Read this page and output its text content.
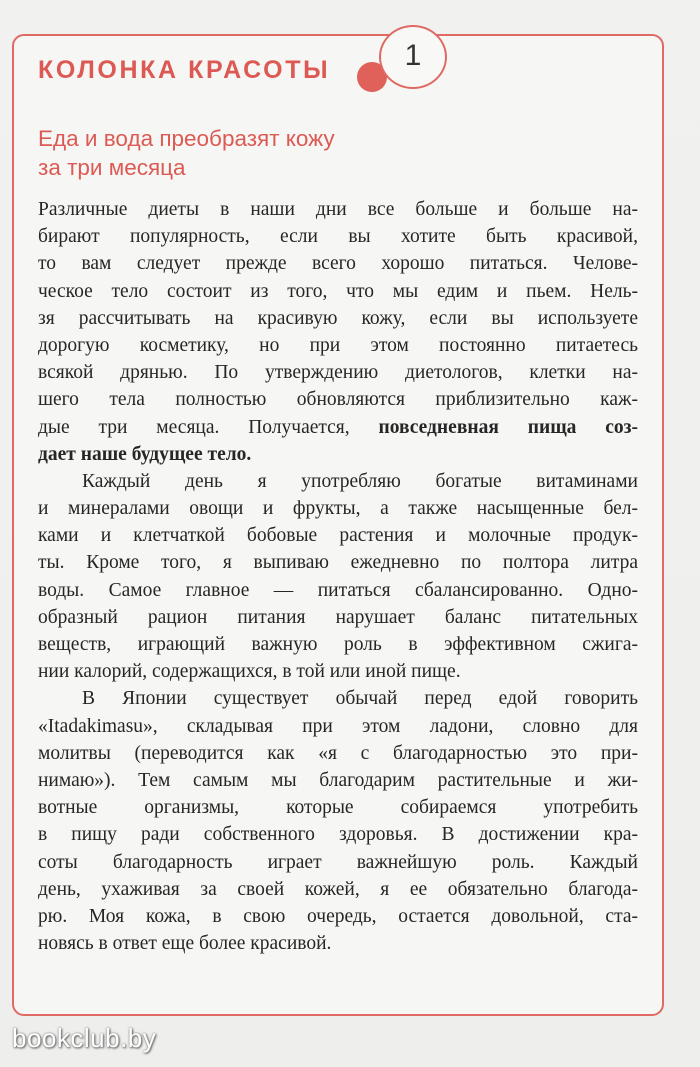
КОЛОНКА КРАСОТЫ	1
Еда и вода преобразят кожу
за три месяца
Различные диеты в наши дни все больше и больше на-
бирают популярность, если вы хотите быть красивой,
то вам следует прежде всего хорошо питаться. Челове-
ческое тело состоит из того, что мы едим и пьем. Нель-
зя рассчитывать на красивую кожу, если вы используете
дорогую косметику, но при этом постоянно питаетесь
всякой дрянью. По утверждению диетологов, клетки на-
шего тела полностью обновляются приблизительно каж-
дые три месяца. Получается, повседневная пища соз-
дает наше будущее тело.
Каждый день я употребляю богатые витаминами
и минералами овощи и фрукты, а также насыщенные бел-
ками и клетчаткой бобовые растения и молочные продук-
ты. Кроме того, я выпиваю ежедневно по полтора литра
воды. Самое главное — питаться сбалансированно. Одно-
образный рацион питания нарушает баланс питательных
веществ, играющий важную роль в эффективном сжига-
нии калорий, содержащихся, в той или иной пище.
В Японии существует обычай перед едой говорить
«Itadakimasu», складывая при этом ладони, словно для
молитвы (переводится как «я с благодарностью это при-
нимаю»). Тем самым мы благодарим растительные и жи-
вотные организмы, которые собираемся употребить
в пищу ради собственного здоровья. В достижении кра-
соты благодарность играет важнейшую роль. Каждый
день, ухаживая за своей кожей, я ее обязательно благода-
рю. Моя кожа, в свою очередь, остается довольной, ста-
новясь в ответ еще более красивой.
bookclub.by
